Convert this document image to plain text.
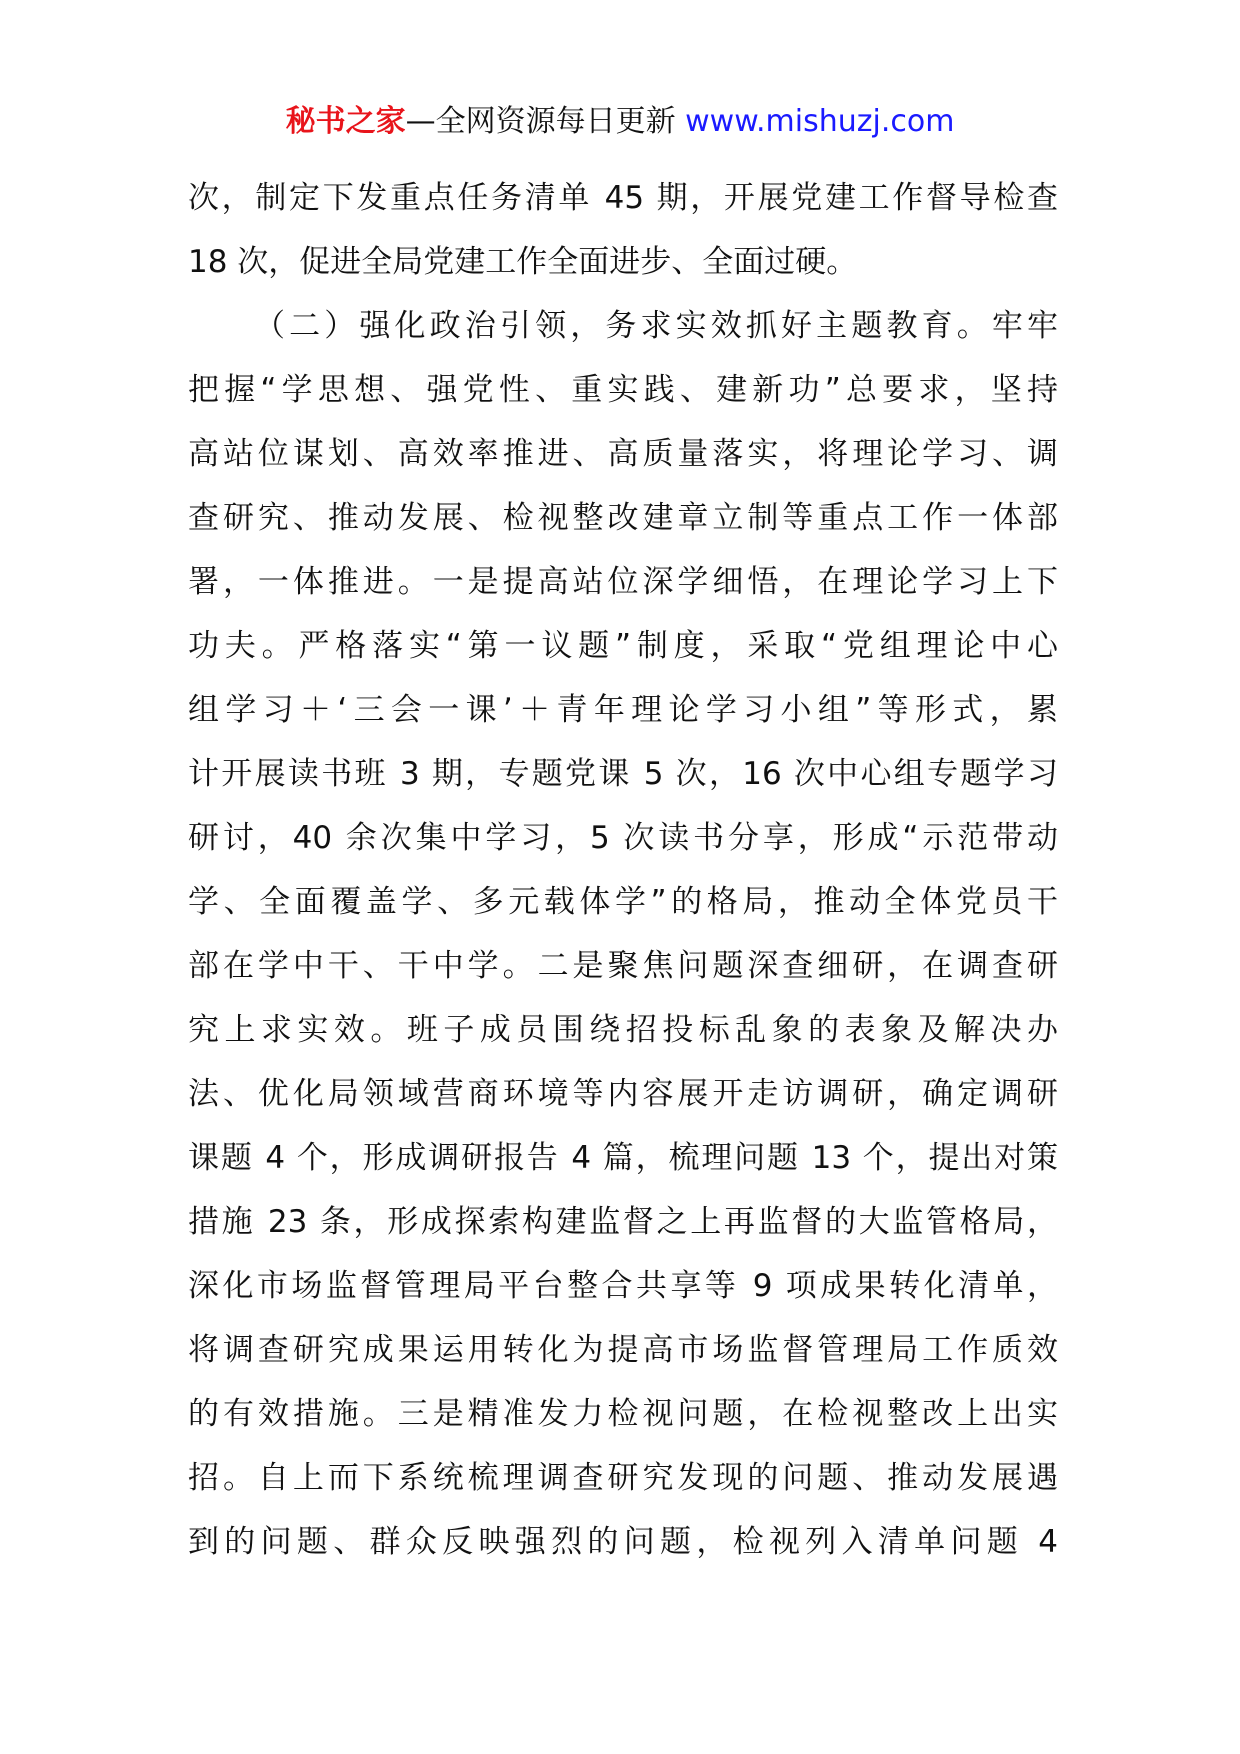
秘书之家—全网资源每日更新 www.mishuzj.com
次，制定下发重点任务清单 45 期，开展党建工作督导检查
18 次，促进全局党建工作全面进步、全面过硬。
（二）强化政治引领，务求实效抓好主题教育。牢牢
把握“学思想、强党性、重实践、建新功”总要求，坚持
高站位谋划、高效率推进、高质量落实，将理论学习、调
查研究、推动发展、检视整改建章立制等重点工作一体部
署，一体推进。一是提高站位深学细悟，在理论学习上下
功夫。严格落实“第一议题”制度，采取“党组理论中心
组学习＋‘三会一课’＋青年理论学习小组”等形式，累
计开展读书班 3 期，专题党课 5 次，16 次中心组专题学习
研讨，40 余次集中学习，5 次读书分享，形成“示范带动
学、全面覆盖学、多元载体学”的格局，推动全体党员干
部在学中干、干中学。二是聚焦问题深查细研，在调查研
究上求实效。班子成员围绕招投标乱象的表象及解决办
法、优化局领域营商环境等内容展开走访调研，确定调研
课题 4 个，形成调研报告 4 篇，梳理问题 13 个，提出对策
措施 23 条，形成探索构建监督之上再监督的大监管格局，
深化市场监督管理局平台整合共享等 9 项成果转化清单，
将调查研究成果运用转化为提高市场监督管理局工作质效
的有效措施。三是精准发力检视问题，在检视整改上出实
招。自上而下系统梳理调查研究发现的问题、推动发展遇
到的问题、群众反映强烈的问题，检视列入清单问题 4
